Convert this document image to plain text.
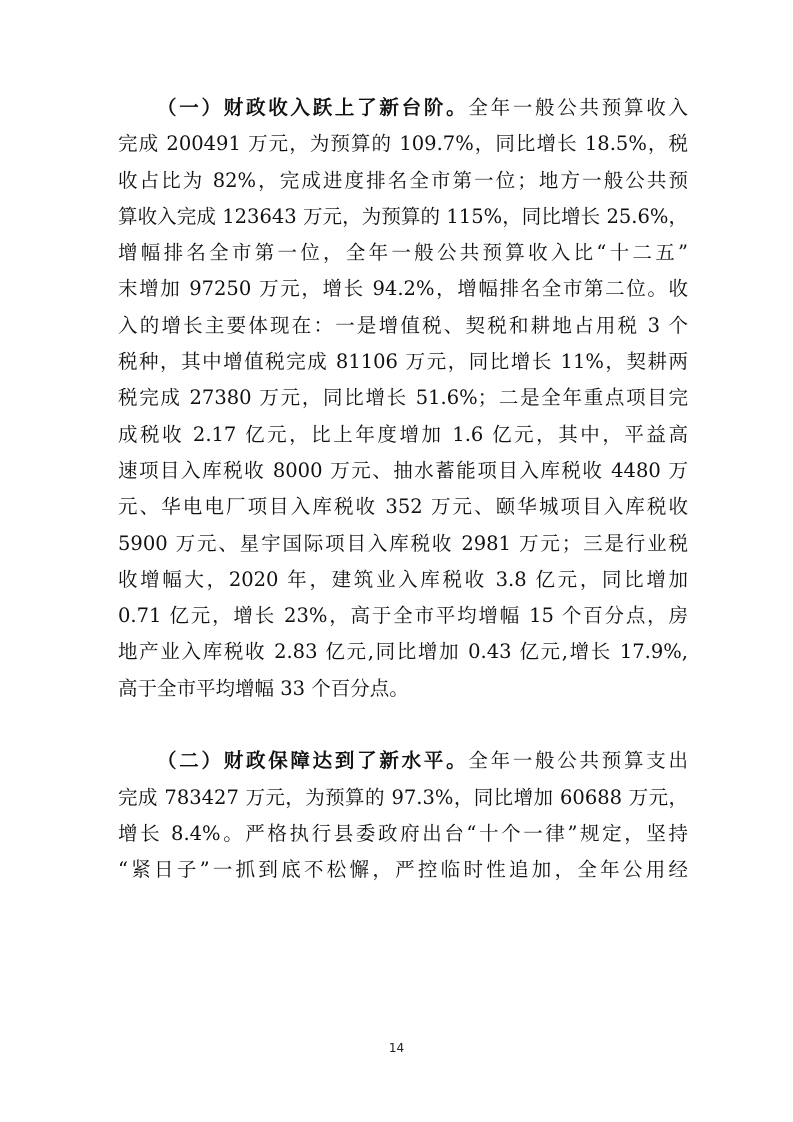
（一）财政收入跃上了新台阶。全年一般公共预算收入
完成 200491 万元，为预算的 109.7%，同比增长 18.5%，税
收占比为 82%，完成进度排名全市第一位；地方一般公共预
算收入完成 123643 万元，为预算的 115%，同比增长 25.6%，
增幅排名全市第一位，全年一般公共预算收入比“十二五”
末增加 97250 万元，增长 94.2%，增幅排名全市第二位。收
入的增长主要体现在：一是增值税、契税和耕地占用税 3 个
税种，其中增值税完成 81106 万元，同比增长 11%，契耕两
税完成 27380 万元，同比增长 51.6%；二是全年重点项目完
成税收 2.17 亿元，比上年度增加 1.6 亿元，其中，平益高
速项目入库税收 8000 万元、抽水蓄能项目入库税收 4480 万
元、华电电厂项目入库税收 352 万元、颐华城项目入库税收
5900 万元、星宇国际项目入库税收 2981 万元；三是行业税
收增幅大，2020 年，建筑业入库税收 3.8 亿元，同比增加
0.71 亿元，增长 23%，高于全市平均增幅 15 个百分点，房
地产业入库税收 2.83 亿元,同比增加 0.43 亿元,增长 17.9%,
高于全市平均增幅 33 个百分点。
（二）财政保障达到了新水平。全年一般公共预算支出
完成 783427 万元，为预算的 97.3%，同比增加 60688 万元，
增长 8.4%。严格执行县委政府出台“十个一律”规定，坚持
“紧日子”一抓到底不松懈，严控临时性追加，全年公用经
14
